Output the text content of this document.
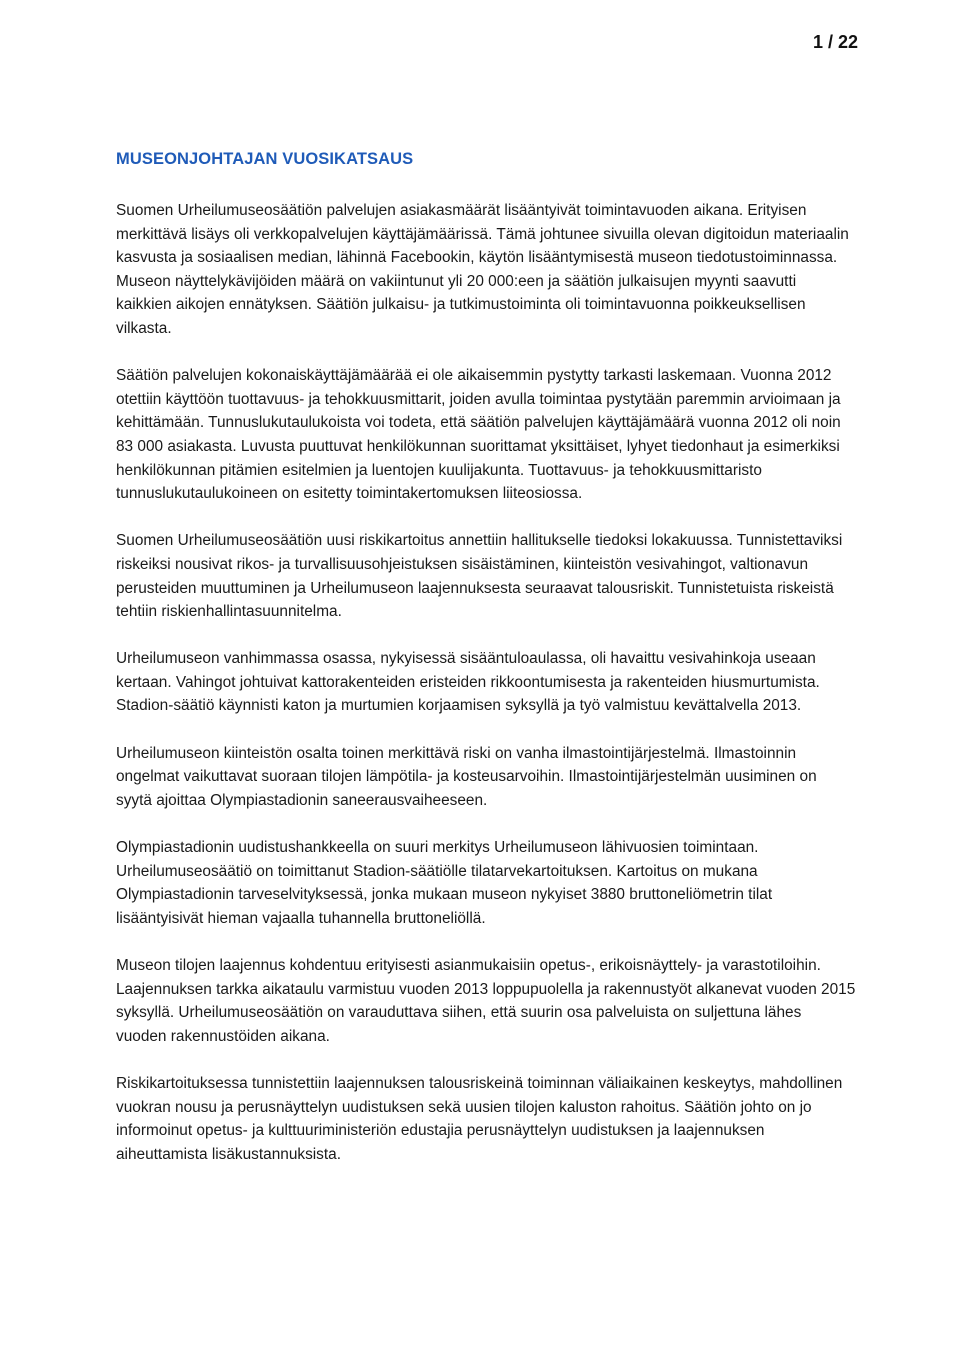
1 / 22
MUSEONJOHTAJAN VUOSIKATSAUS

Suomen Urheilumuseosäätiön palvelujen asiakasmäärät lisääntyivät toimintavuoden aikana. Erityisen merkittävä lisäys oli verkkopalvelujen käyttäjämäärissä. Tämä johtunee sivuilla olevan digitoidun materiaalin kasvusta ja sosiaalisen median, lähinnä Facebookin, käytön lisääntymisestä museon tiedotustoiminnassa. Museon näyttelykävijöiden määrä on vakiintunut yli 20 000:een ja säätiön julkaisujen myynti saavutti kaikkien aikojen ennätyksen. Säätiön julkaisu- ja tutkimustoiminta oli toimintavuonna poikkeuksellisen vilkasta.

Säätiön palvelujen kokonaiskäyttäjämäärää ei ole aikaisemmin pystytty tarkasti laskemaan. Vuonna 2012 otettiin käyttöön tuottavuus- ja tehokkuusmittarit, joiden avulla toimintaa pystytään paremmin arvioimaan ja kehittämään. Tunnuslukutaulukoista voi todeta, että säätiön palvelujen käyttäjämäärä vuonna 2012 oli noin 83 000 asiakasta. Luvusta puuttuvat henkilökunnan suorittamat yksittäiset, lyhyet tiedonhaut ja esimerkiksi henkilökunnan pitämien esitelmien ja luentojen kuulijakunta. Tuottavuus- ja tehokkuusmittaristo tunnuslukutaulukoineen on esitetty toimintakertomuksen liiteosiossa.

Suomen Urheilumuseosäätiön uusi riskikartoitus annettiin hallitukselle tiedoksi lokakuussa. Tunnistettaviksi riskeiksi nousivat rikos- ja turvallisuusohjeistuksen sisäistäminen, kiinteistön vesivahingot, valtionavun perusteiden muuttuminen ja Urheilumuseon laajennuksesta seuraavat talousriskit. Tunnistetuista riskeistä tehtiin riskienhallintasuunnitelma.

Urheilumuseon vanhimmassa osassa, nykyisessä sisääntuloaulassa, oli havaittu vesivahinkoja useaan kertaan. Vahingot johtuivat kattorakenteiden eristeiden rikkoontumisesta ja rakenteiden hiusmurtumista. Stadion-säätiö käynnisti katon ja murtumien korjaamisen syksyllä ja työ valmistuu kevättalvella 2013.

Urheilumuseon kiinteistön osalta toinen merkittävä riski on vanha ilmastointijärjestelmä. Ilmastoinnin ongelmat vaikuttavat suoraan tilojen lämpötila- ja kosteusarvoihin. Ilmastointijärjestelmän uusiminen on syytä ajoittaa Olympiastadionin saneerausvaiheeseen.

Olympiastadionin uudistushankkeella on suuri merkitys Urheilumuseon lähivuosien toimintaan. Urheilumuseosäätiö on toimittanut Stadion-säätiölle tilatarvekartoituksen. Kartoitus on mukana Olympiastadionin tarveselvityksessä, jonka mukaan museon nykyiset 3880 bruttoneliömetrin tilat lisääntyisivät hieman vajaalla tuhannella bruttoneliöllä.

Museon tilojen laajennus kohdentuu erityisesti asianmukaisiin opetus-, erikoisnäyttely- ja varastotiloihin. Laajennuksen tarkka aikataulu varmistuu vuoden 2013 loppupuolella ja rakennustyöt alkanevat vuoden 2015 syksyllä. Urheilumuseosäätiön on varauduttava siihen, että suurin osa palveluista on suljettuna lähes vuoden rakennustöiden aikana.

Riskikartoituksessa tunnistettiin laajennuksen talousriskeinä toiminnan väliaikainen keskeytys, mahdollinen vuokran nousu ja perusnäyttelyn uudistuksen sekä uusien tilojen kaluston rahoitus. Säätiön johto on jo informoinut opetus- ja kulttuuriministeriön edustajia perusnäyttelyn uudistuksen ja laajennuksen aiheuttamista lisäkustannuksista.
